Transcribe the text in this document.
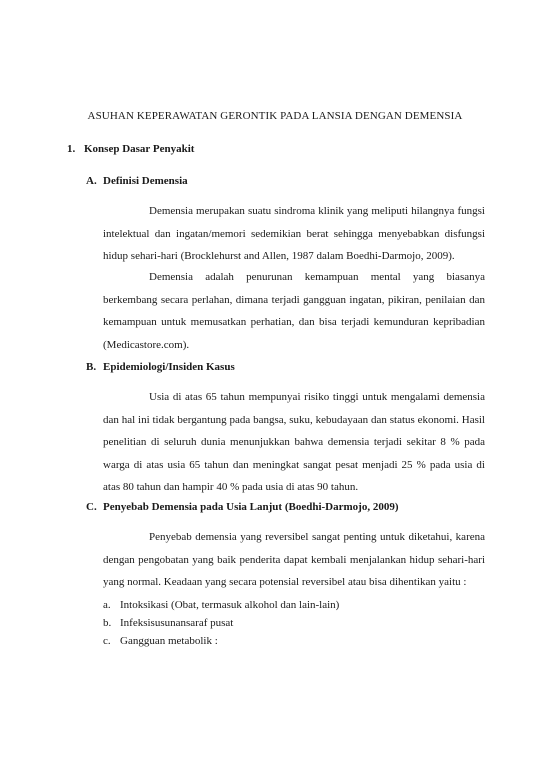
ASUHAN KEPERAWATAN GERONTIK PADA LANSIA DENGAN DEMENSIA
1. Konsep Dasar Penyakit
A. Definisi Demensia
Demensia merupakan suatu sindroma klinik yang meliputi hilangnya fungsi intelektual dan ingatan/memori sedemikian berat sehingga menyebabkan disfungsi hidup sehari-hari (Brocklehurst and Allen, 1987 dalam Boedhi-Darmojo, 2009).
Demensia adalah penurunan kemampuan mental yang biasanya berkembang secara perlahan, dimana terjadi gangguan ingatan, pikiran, penilaian dan kemampuan untuk memusatkan perhatian, dan bisa terjadi kemunduran kepribadian (Medicastore.com).
B. Epidemiologi/Insiden Kasus
Usia di atas 65 tahun mempunyai risiko tinggi untuk mengalami demensia dan hal ini tidak bergantung pada bangsa, suku, kebudayaan dan status ekonomi. Hasil penelitian di seluruh dunia menunjukkan bahwa demensia terjadi sekitar 8 % pada warga di atas usia 65 tahun dan meningkat sangat pesat menjadi 25 % pada usia di atas 80 tahun dan hampir 40 % pada usia di atas 90 tahun.
C. Penyebab Demensia pada Usia Lanjut (Boedhi-Darmojo, 2009)
Penyebab demensia yang reversibel sangat penting untuk diketahui, karena dengan pengobatan yang baik penderita dapat kembali menjalankan hidup sehari-hari yang normal. Keadaan yang secara potensial reversibel atau bisa dihentikan yaitu :
a. Intoksikasi (Obat, termasuk alkohol dan lain-lain)
b. Infeksisusunansaraf pusat
c. Gangguan metabolik :
